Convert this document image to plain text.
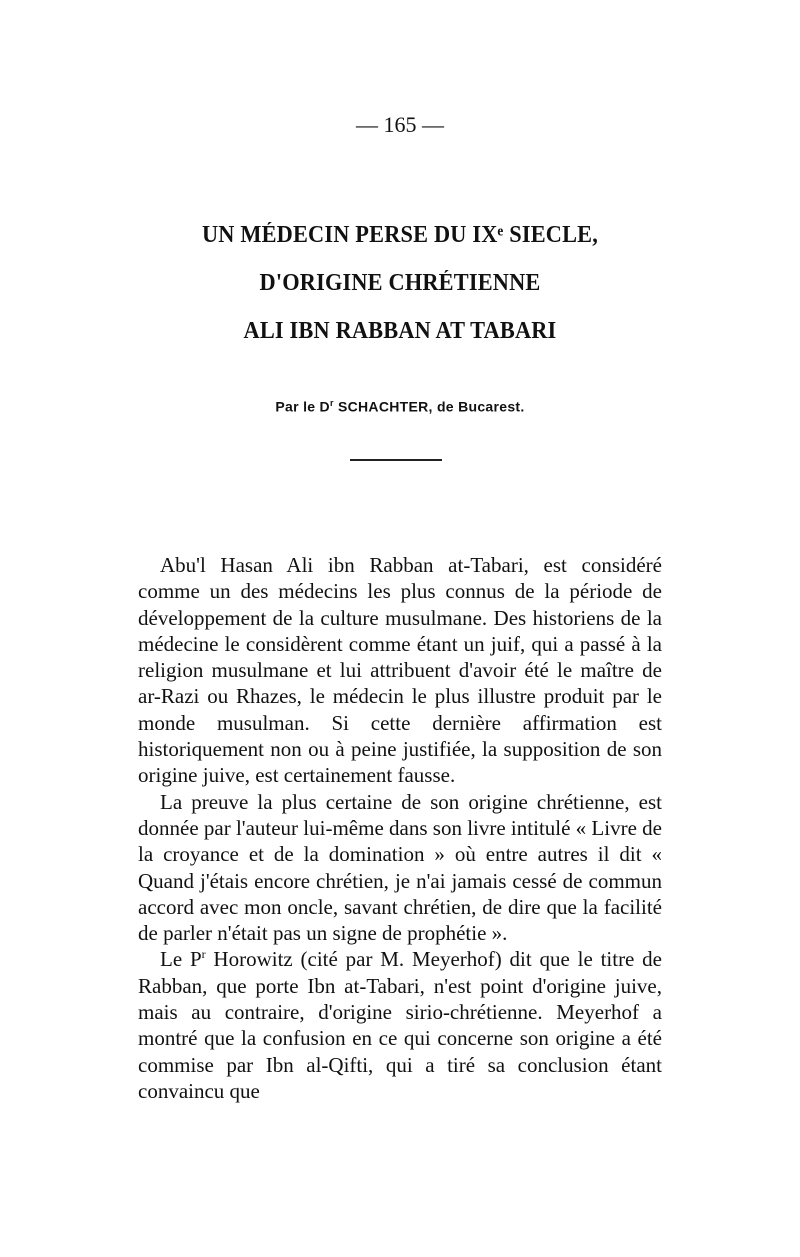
— 165 —
UN MÉDECIN PERSE DU IXᵉ SIECLE,
D'ORIGINE CHRÉTIENNE
ALI IBN RABBAN AT TABARI
Par le $D^r$ SCHACHTER, de Bucarest.

Abu'l Hasan Ali ibn Rabban at-Tabari, est considéré comme un des médecins les plus connus de la période de développement de la culture musulmane. Des historiens de la médecine le considèrent comme étant un juif, qui a passé à la religion musulmane et lui attribuent d'avoir été le maître de ar-Razi ou Rhazes, le médecin le plus illustre produit par le monde musulman. Si cette dernière affirmation est historiquement non ou à peine justifiée, la supposition de son origine juive, est certainement fausse.

La preuve la plus certaine de son origine chrétienne, est donnée par l'auteur lui-même dans son livre intitulé « Livre de la croyance et de la domination » où entre autres il dit « Quand j'étais encore chrétien, je n'ai jamais cessé de commun accord avec mon oncle, savant chrétien, de dire que la facilité de parler n'était pas un signe de prophétie ».

Le $P^r$ Horowitz (cité par M. Meyerhof) dit que le titre de Rabban, que porte Ibn at-Tabari, n'est point d'origine juive, mais au contraire, d'origine sirio-chrétienne. Meyerhof a montré que la confusion en ce qui concerne son origine a été commise par Ibn al-Qifti, qui a tiré sa conclusion étant convaincu que
